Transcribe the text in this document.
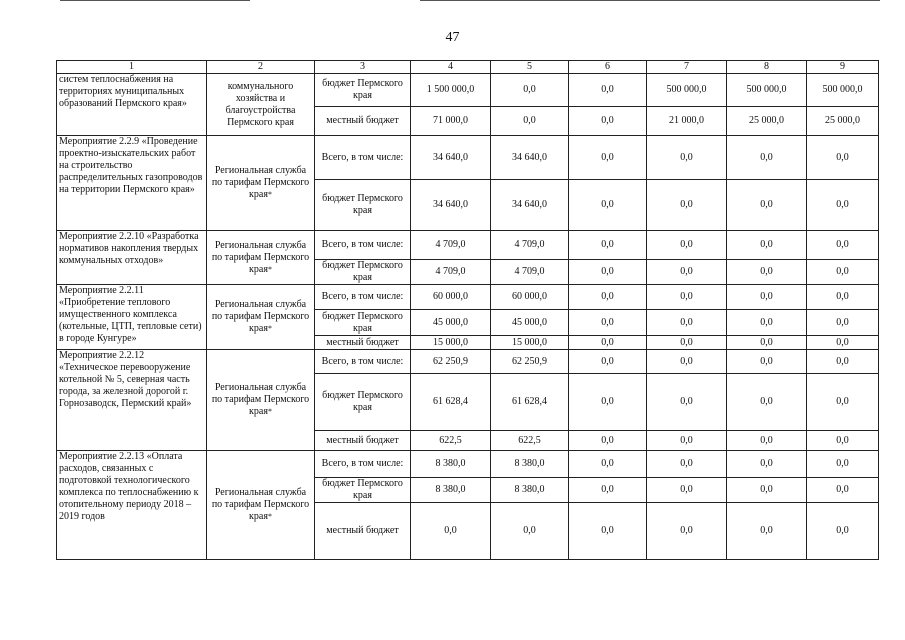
47
1	2	3	4	5	6	7	8	9
систем теплоснабжения на территориях муниципальных образований Пермского края»	коммунального хозяйства и благоустройства Пермского края	бюджет Пермского края	1 500 000,0	0,0	0,0	500 000,0	500 000,0	500 000,0
		местный бюджет	71 000,0	0,0	0,0	21 000,0	25 000,0	25 000,0
Мероприятие 2.2.9 «Проведение проектно-изыскательских работ на строительство распределительных газопроводов на территории Пермского края»	Региональная служба по тарифам Пермского края*	Всего, в том числе:	34 640,0	34 640,0	0,0	0,0	0,0	0,0
		бюджет Пермского края	34 640,0	34 640,0	0,0	0,0	0,0	0,0
Мероприятие 2.2.10 «Разработка нормативов накопления твердых коммунальных отходов»	Региональная служба по тарифам Пермского края*	Всего, в том числе:	4 709,0	4 709,0	0,0	0,0	0,0	0,0
		бюджет Пермского края	4 709,0	4 709,0	0,0	0,0	0,0	0,0
Мероприятие 2.2.11 «Приобретение теплового имущественного комплекса (котельные, ЦТП, тепловые сети) в городе Кунгуре»	Региональная служба по тарифам Пермского края*	Всего, в том числе:	60 000,0	60 000,0	0,0	0,0	0,0	0,0
		бюджет Пермского края	45 000,0	45 000,0	0,0	0,0	0,0	0,0
		местный бюджет	15 000,0	15 000,0	0,0	0,0	0,0	0,0
Мероприятие 2.2.12 «Техническое перевооружение котельной № 5, северная часть города, за железной дорогой г. Горнозаводск, Пермский край»	Региональная служба по тарифам Пермского края*	Всего, в том числе:	62 250,9	62 250,9	0,0	0,0	0,0	0,0
		бюджет Пермского края	61 628,4	61 628,4	0,0	0,0	0,0	0,0
		местный бюджет	622,5	622,5	0,0	0,0	0,0	0,0
Мероприятие 2.2.13 «Оплата расходов, связанных с подготовкой технологического комплекса по теплоснабжению к отопительному периоду 2018 – 2019 годов	Региональная служба по тарифам Пермского края*	Всего, в том числе:	8 380,0	8 380,0	0,0	0,0	0,0	0,0
		бюджет Пермского края	8 380,0	8 380,0	0,0	0,0	0,0	0,0
		местный бюджет	0,0	0,0	0,0	0,0	0,0	0,0
